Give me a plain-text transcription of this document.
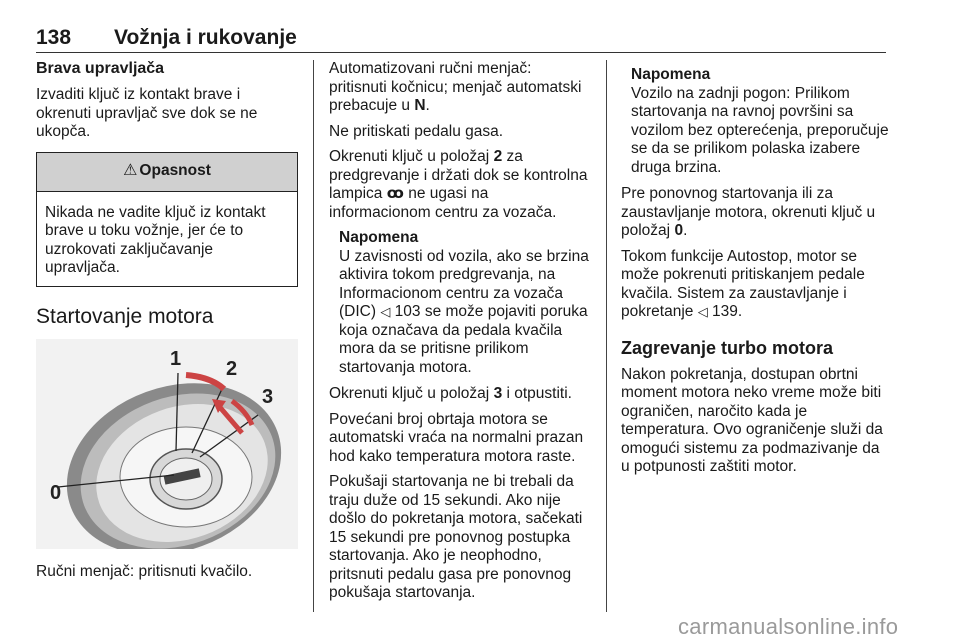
138 Vožnja i rukovanje
Brava upravljača

Izvaditi ključ iz kontakt brave i okrenuti upravljač sve dok se ne ukopča.

⚠ Opasnost
Nikada ne vadite ključ iz kontakt brave u toku vožnje, jer će to uzrokovati zaključavanje upravljača.
Startovanje motora
0
1 2
3

Ručni menjač: pritisnuti kvačilo.

Automatizovani ručni menjač: pritisnuti kočnicu; menjač automatski prebacuje u N.

Ne pritiskati pedalu gasa.

Okrenuti ključ u položaj 2 za predgrevanje i držati dok se kontrolna lampica ꝏ ne ugasi na informacionom centru za vozača.

Napomena
U zavisnosti od vozila, ako se brzina aktivira tokom predgrevanja, na Informacionom centru za vozača (DIC) ◁ 103 se može pojaviti poruka koja označava da pedala kvačila mora da se pritisne prilikom startovanja motora.

Okrenuti ključ u položaj 3 i otpustiti.

Povećani broj obrtaja motora se automatski vraća na normalni prazan hod kako temperatura motora raste.

Pokušaji startovanja ne bi trebali da traju duže od 15 sekundi. Ako nije došlo do pokretanja motora, sačekati 15 sekundi pre ponovnog postupka startovanja. Ako je neophodno, pritsnuti pedalu gasa pre ponovnog pokušaja startovanja.

Napomena
Vozilo na zadnji pogon: Prilikom startovanja na ravnoj površini sa vozilom bez opterećenja, preporučuje se da se prilikom polaska izabere druga brzina.

Pre ponovnog startovanja ili za zaustavljanje motora, okrenuti ključ u položaj 0.

Tokom funkcije Autostop, motor se može pokrenuti pritiskanjem pedale kvačila. Sistem za zaustavljanje i pokretanje ◁ 139.

Zagrevanje turbo motora

Nakon pokretanja, dostupan obrtni moment motora neko vreme može biti ograničen, naročito kada je temperatura. Ovo ograničenje služi da omogući sistemu za podmazivanje da u potpunosti zaštiti motor.

carmanualsonline.info
